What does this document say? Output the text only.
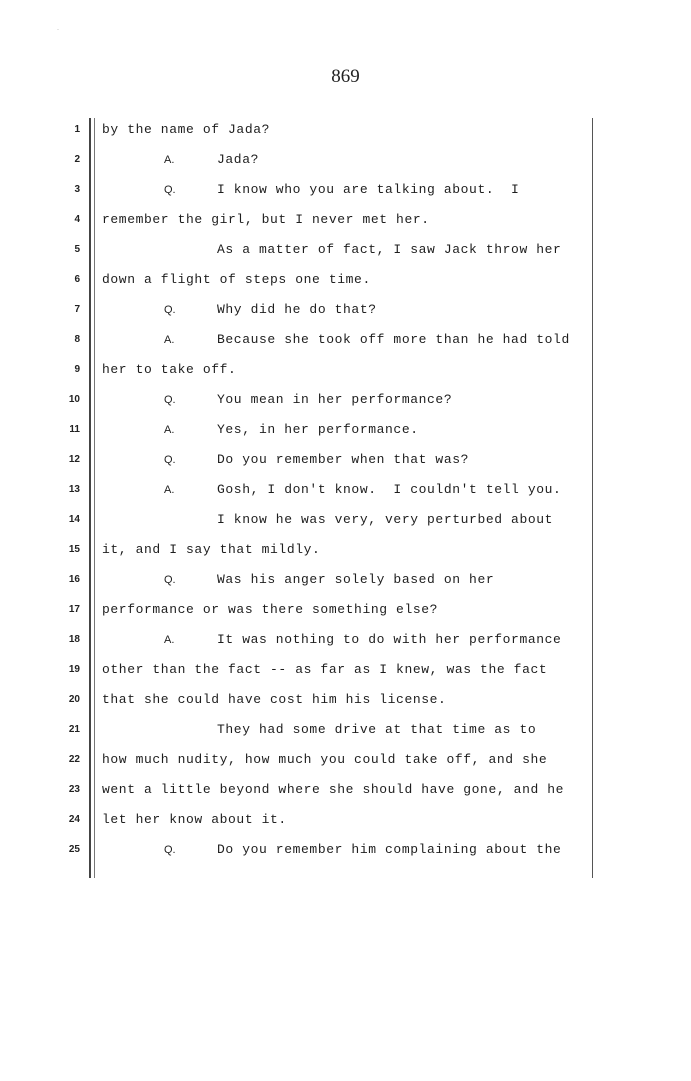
·
869
1
2
3
4
5
6
7
8
9
10
11
12
13
14
15
16
17
18
19
20
21
22
23
24
25
by the name of Jada?
A.	Jada?
Q.	I know who you are talking about.  I
remember the girl, but I never met her.
As a matter of fact, I saw Jack throw her
down a flight of steps one time.
Q.	Why did he do that?
A.	Because she took off more than he had told
her to take off.
Q.	You mean in her performance?
A.	Yes, in her performance.
Q.	Do you remember when that was?
A.	Gosh, I don't know.  I couldn't tell you.
I know he was very, very perturbed about
it, and I say that mildly.
Q.	Was his anger solely based on her
performance or was there something else?
A.	It was nothing to do with her performance
other than the fact -- as far as I knew, was the fact
that she could have cost him his license.
They had some drive at that time as to
how much nudity, how much you could take off, and she
went a little beyond where she should have gone, and he
let her know about it.
Q.	Do you remember him complaining about the
